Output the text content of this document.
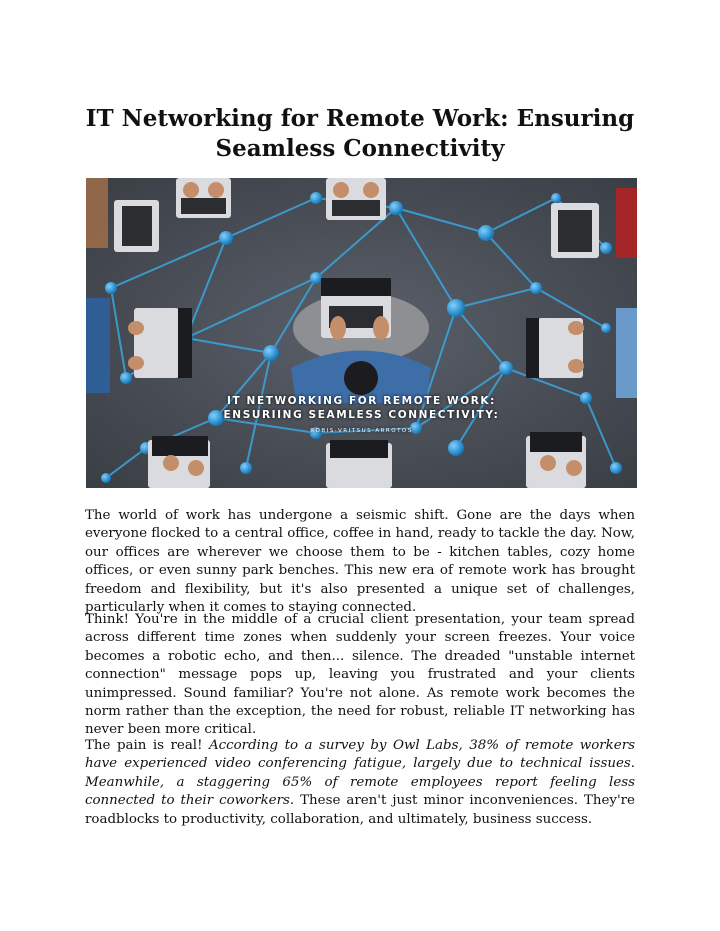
IT Networking for Remote Work: Ensuring Seamless Connectivity
IT NETWORKING FOR REMOTE WORK:
ENSURIING SEAMLESS CONNECTIVITY:
ROBIS·VRITSUS·ARROTOS

The world of work has undergone a seismic shift. Gone are the days when everyone flocked to a central office, coffee in hand, ready to tackle the day. Now, our offices are wherever we choose them to be - kitchen tables, cozy home offices, or even sunny park benches. This new era of remote work has brought freedom and flexibility, but it's also presented a unique set of challenges, particularly when it comes to staying connected.

Think! You're in the middle of a crucial client presentation, your team spread across different time zones when suddenly your screen freezes. Your voice becomes a robotic echo, and then... silence. The dreaded "unstable internet connection" message pops up, leaving you frustrated and your clients unimpressed. Sound familiar? You're not alone. As remote work becomes the norm rather than the exception, the need for robust, reliable IT networking has never been more critical.

The pain is real! According to a survey by Owl Labs, 38% of remote workers have experienced video conferencing fatigue, largely due to technical issues. Meanwhile, a staggering 65% of remote employees report feeling less connected to their coworkers. These aren't just minor inconveniences. They're roadblocks to productivity, collaboration, and ultimately, business success.
